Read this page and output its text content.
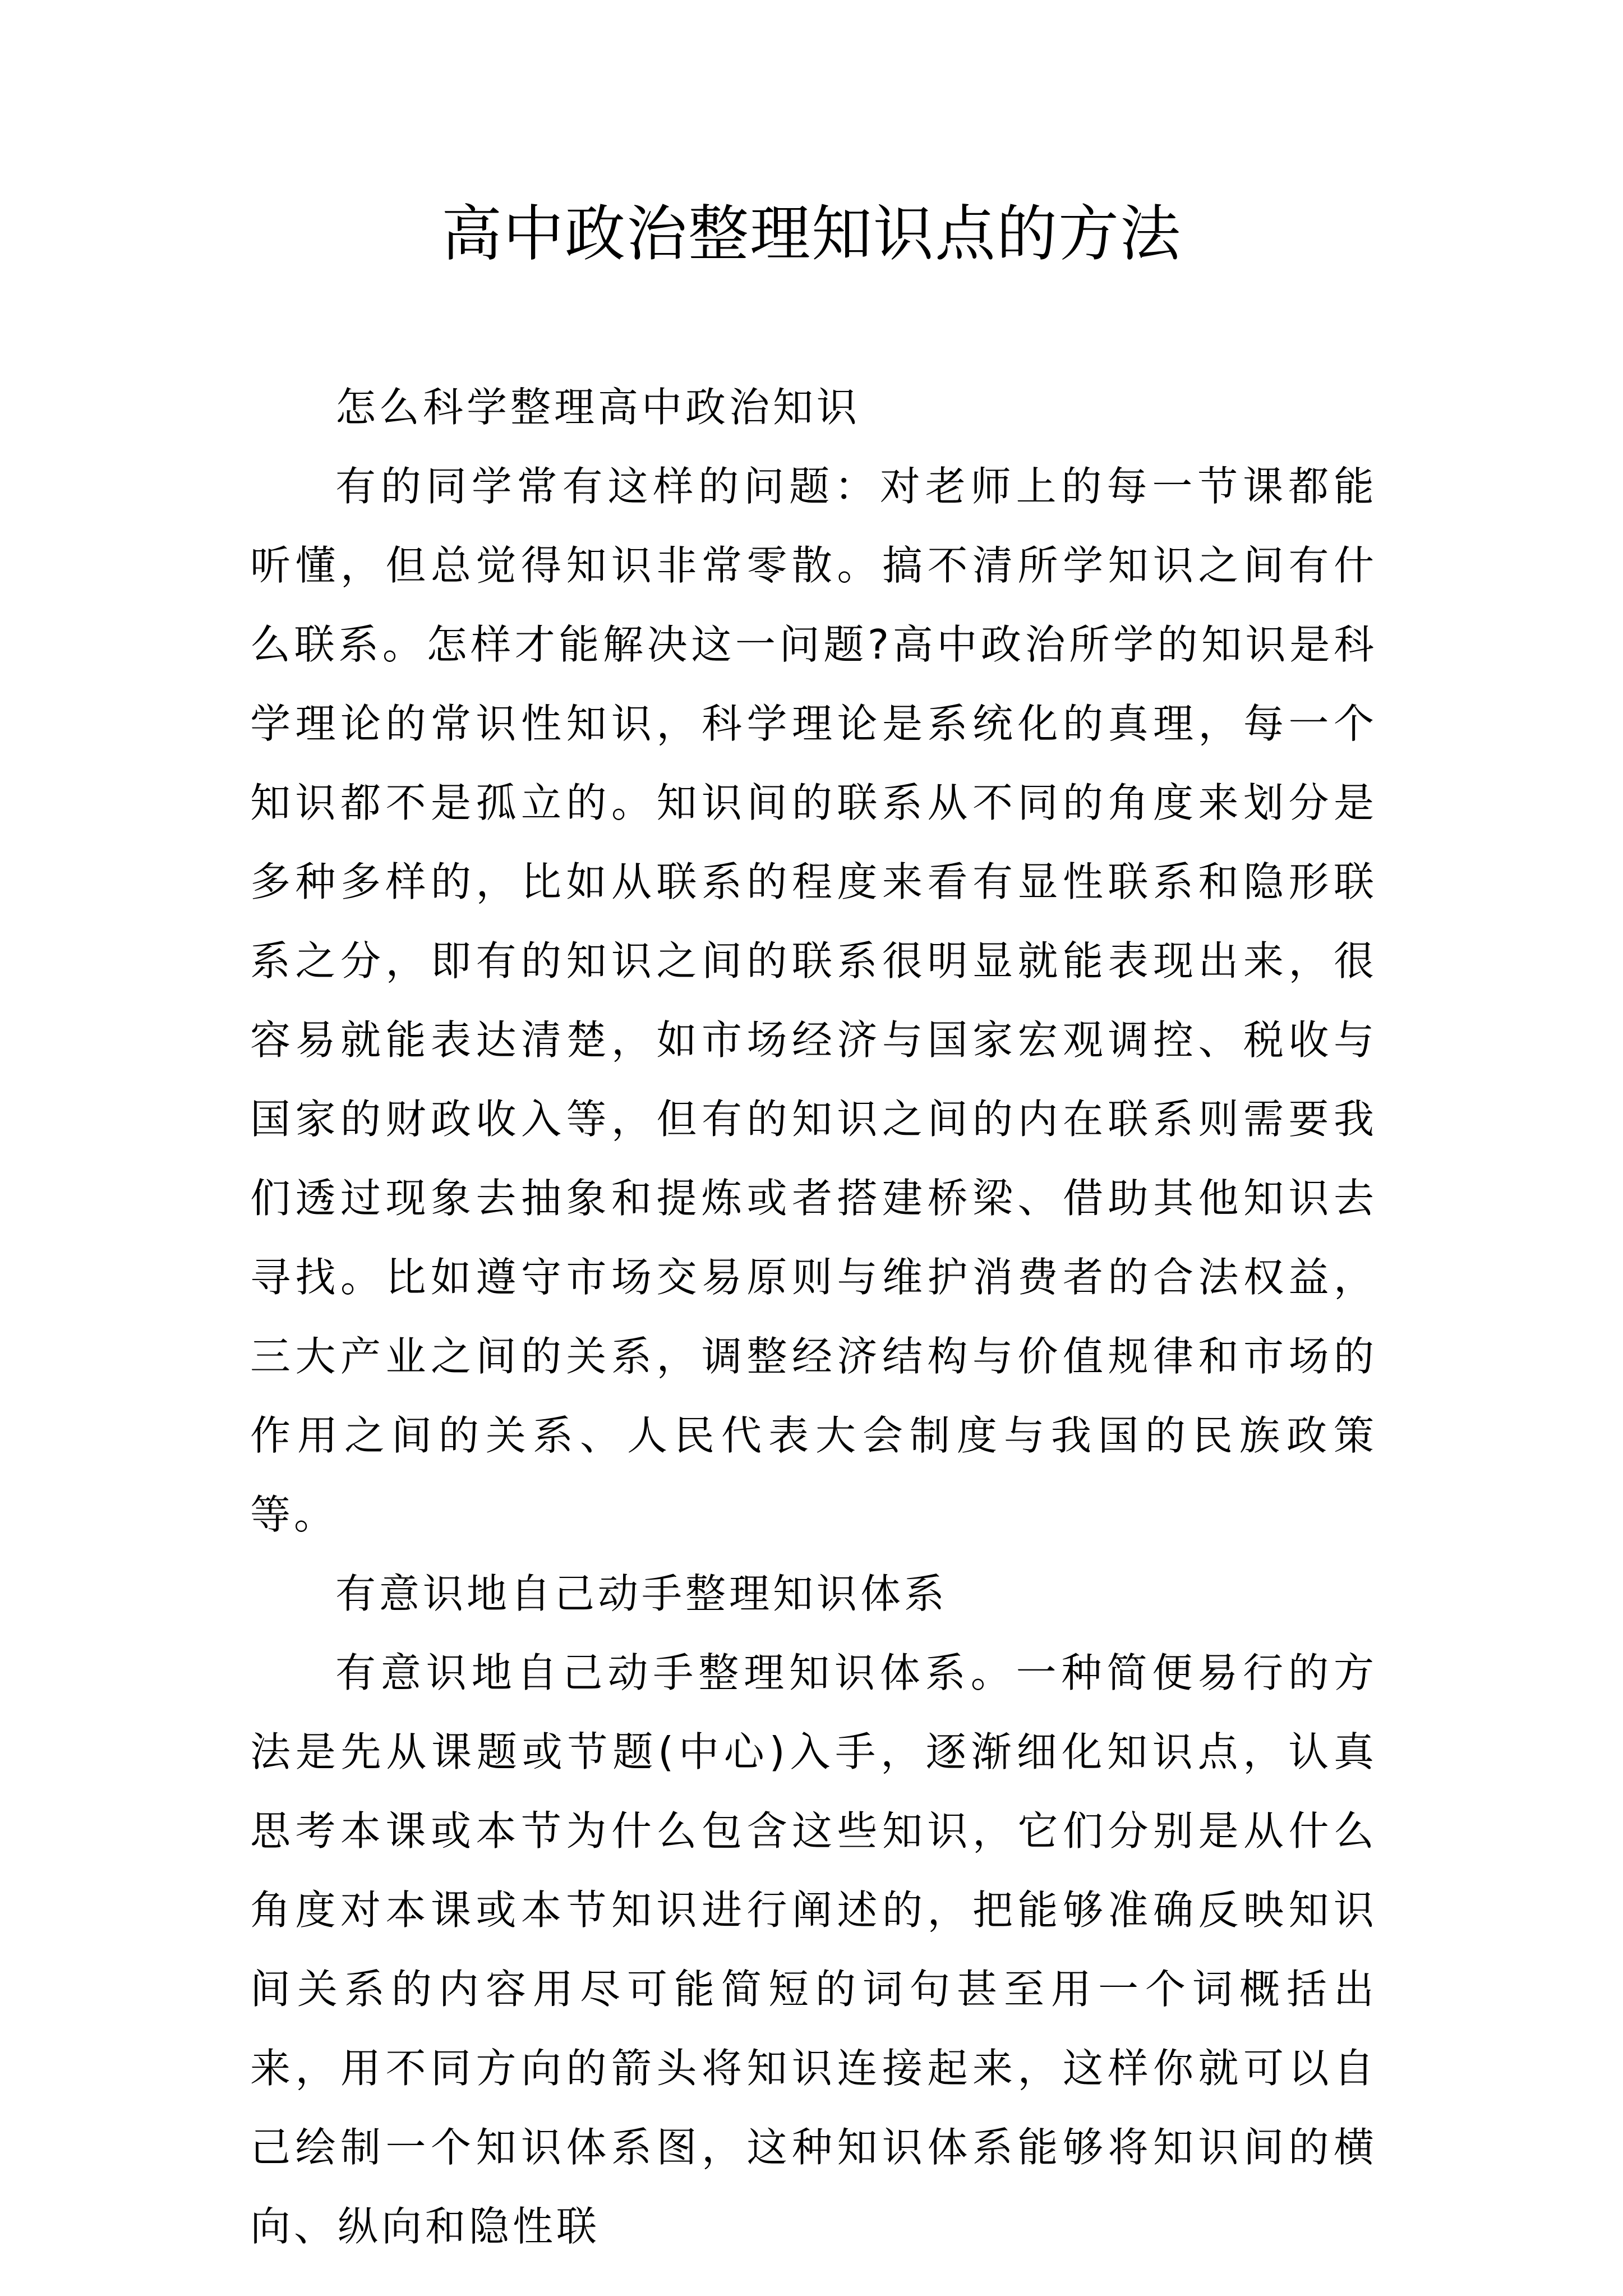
高中政治整理知识点的方法

怎么科学整理高中政治知识

有的同学常有这样的问题：对老师上的每一节课都能听懂，但总觉得知识非常零散。搞不清所学知识之间有什么联系。怎样才能解决这一问题?高中政治所学的知识是科学理论的常识性知识，科学理论是系统化的真理，每一个知识都不是孤立的。知识间的联系从不同的角度来划分是多种多样的，比如从联系的程度来看有显性联系和隐形联系之分，即有的知识之间的联系很明显就能表现出来，很容易就能表达清楚，如市场经济与国家宏观调控、税收与国家的财政收入等，但有的知识之间的内在联系则需要我们透过现象去抽象和提炼或者搭建桥梁、借助其他知识去寻找。比如遵守市场交易原则与维护消费者的合法权益，三大产业之间的关系，调整经济结构与价值规律和市场的作用之间的关系、人民代表大会制度与我国的民族政策等。

有意识地自己动手整理知识体系

有意识地自己动手整理知识体系。一种简便易行的方法是先从课题或节题(中心)入手，逐渐细化知识点，认真思考本课或本节为什么包含这些知识，它们分别是从什么角度对本课或本节知识进行阐述的，把能够准确反映知识间关系的内容用尽可能简短的词句甚至用一个词概括出来，用不同方向的箭头将知识连接起来，这样你就可以自己绘制一个知识体系图，这种知识体系能够将知识间的横向、纵向和隐性联
